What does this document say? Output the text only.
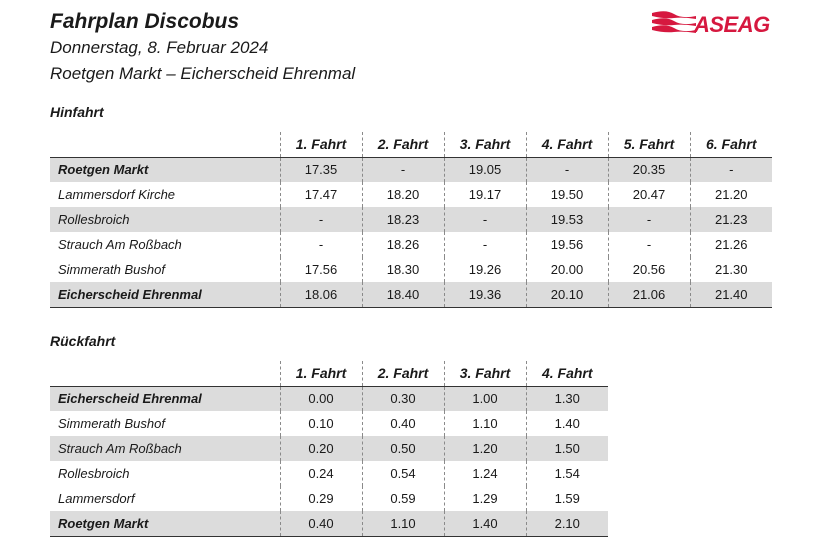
Fahrplan Discobus
Donnerstag, 8. Februar 2024
Roetgen Markt – Eicherscheid Ehrenmal
ASEAG
Hinfahrt
	1. Fahrt	2. Fahrt	3. Fahrt	4. Fahrt	5. Fahrt	6. Fahrt
Roetgen Markt	17.35	-	19.05	-	20.35	-
Lammersdorf Kirche	17.47	18.20	19.17	19.50	20.47	21.20
Rollesbroich	-	18.23	-	19.53	-	21.23
Strauch Am Roßbach	-	18.26	-	19.56	-	21.26
Simmerath Bushof	17.56	18.30	19.26	20.00	20.56	21.30
Eicherscheid Ehrenmal	18.06	18.40	19.36	20.10	21.06	21.40
Rückfahrt
	1. Fahrt	2. Fahrt	3. Fahrt	4. Fahrt
Eicherscheid Ehrenmal	0.00	0.30	1.00	1.30
Simmerath Bushof	0.10	0.40	1.10	1.40
Strauch Am Roßbach	0.20	0.50	1.20	1.50
Rollesbroich	0.24	0.54	1.24	1.54
Lammersdorf	0.29	0.59	1.29	1.59
Roetgen Markt	0.40	1.10	1.40	2.10
